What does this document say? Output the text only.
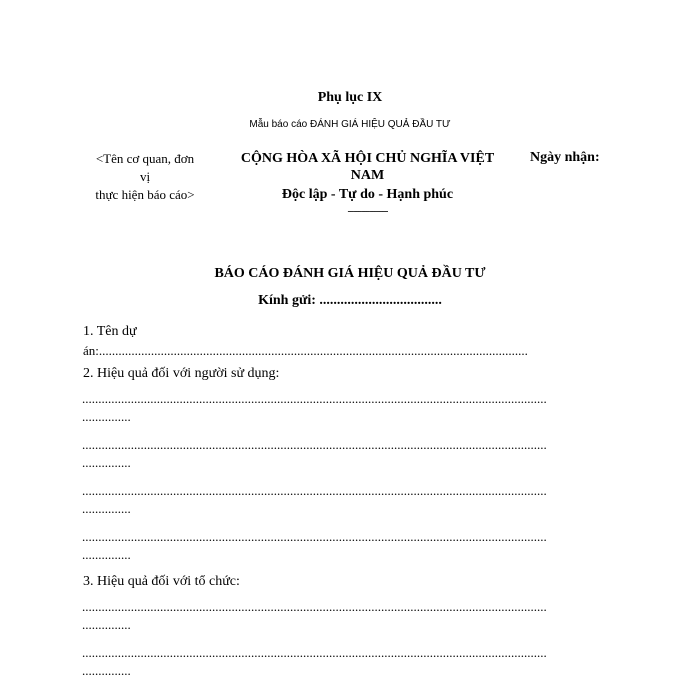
Phụ lục IX
Mẫu báo cáo ĐÁNH GIÁ HIỆU QUẢ ĐẦU TƯ
<Tên cơ quan, đơn
vị
thực hiện báo cáo>
CỘNG HÒA XÃ HỘI CHỦ NGHĨA VIỆT
NAM
Độc lập - Tự do - Hạnh phúc
---------------
Ngày nhận:
BÁO CÁO ĐÁNH GIÁ HIỆU QUẢ ĐẦU TƯ
Kính gửi: ...................................
1. Tên dự
án:....................................................................................................................................
2. Hiệu quả đối với người sử dụng:
...............................................................................................................................................
...............
...............................................................................................................................................
...............
...............................................................................................................................................
...............
...............................................................................................................................................
...............
3. Hiệu quả đối với tổ chức:
...............................................................................................................................................
...............
...............................................................................................................................................
...............
